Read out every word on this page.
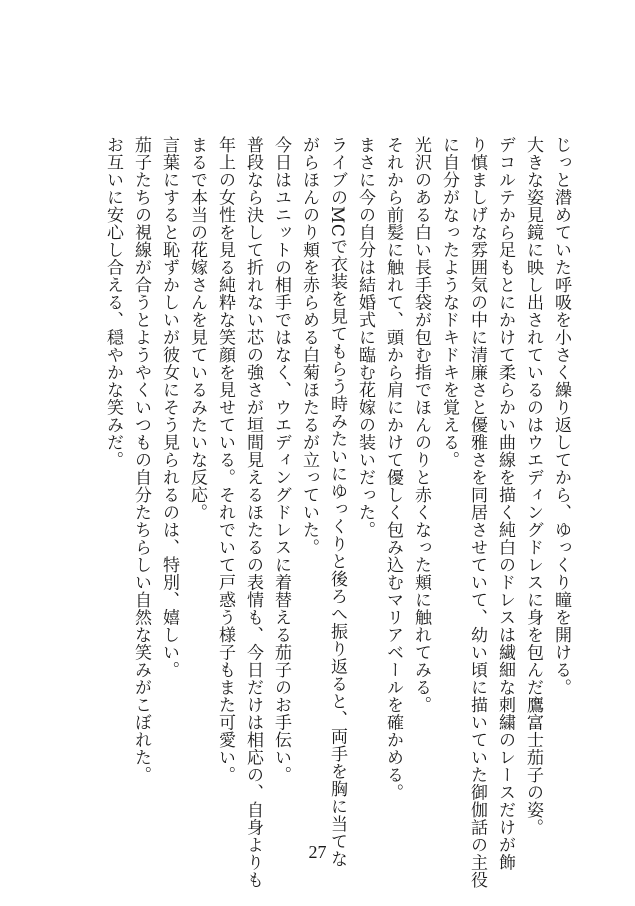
じっと潜めていた呼吸を小さく繰り返してから、ゆっくり瞳を開ける。
大きな姿見鏡に映し出されているのはウエディングドレスに身を包んだ鷹富士茄子の姿。
デコルテから足もとにかけて柔らかい曲線を描く純白のドレスは繊細な刺繍のレースだけが飾
り慎ましげな雰囲気の中に清廉さと優雅さを同居させていて、幼い頃に描いていた御伽話の主役
に自分がなったようなドキドキを覚える。
光沢のある白い長手袋が包む指でほんのりと赤くなった頬に触れてみる。
それから前髪に触れて、頭から肩にかけて優しく包み込むマリアベールを確かめる。
まさに今の自分は結婚式に臨む花嫁の装いだった。
ライブのMCで衣装を見てもらう時みたいにゆっくりと後ろへ振り返ると、両手を胸に当てな
がらほんのり頬を赤らめる白菊ほたるが立っていた。
今日はユニットの相手ではなく、ウエディングドレスに着替える茄子のお手伝い。
普段なら決して折れない芯の強さが垣間見えるほたるの表情も、今日だけは相応の、自身よりも
年上の女性を見る純粋な笑顔を見せている。それでいて戸惑う様子もまた可愛い。
まるで本当の花嫁さんを見ているみたいな反応。
言葉にすると恥ずかしいが彼女にそう見られるのは、特別、嬉しい。
茄子たちの視線が合うとようやくいつもの自分たちらしい自然な笑みがこぼれた。
お互いに安心し合える、穏やかな笑みだ。
27
